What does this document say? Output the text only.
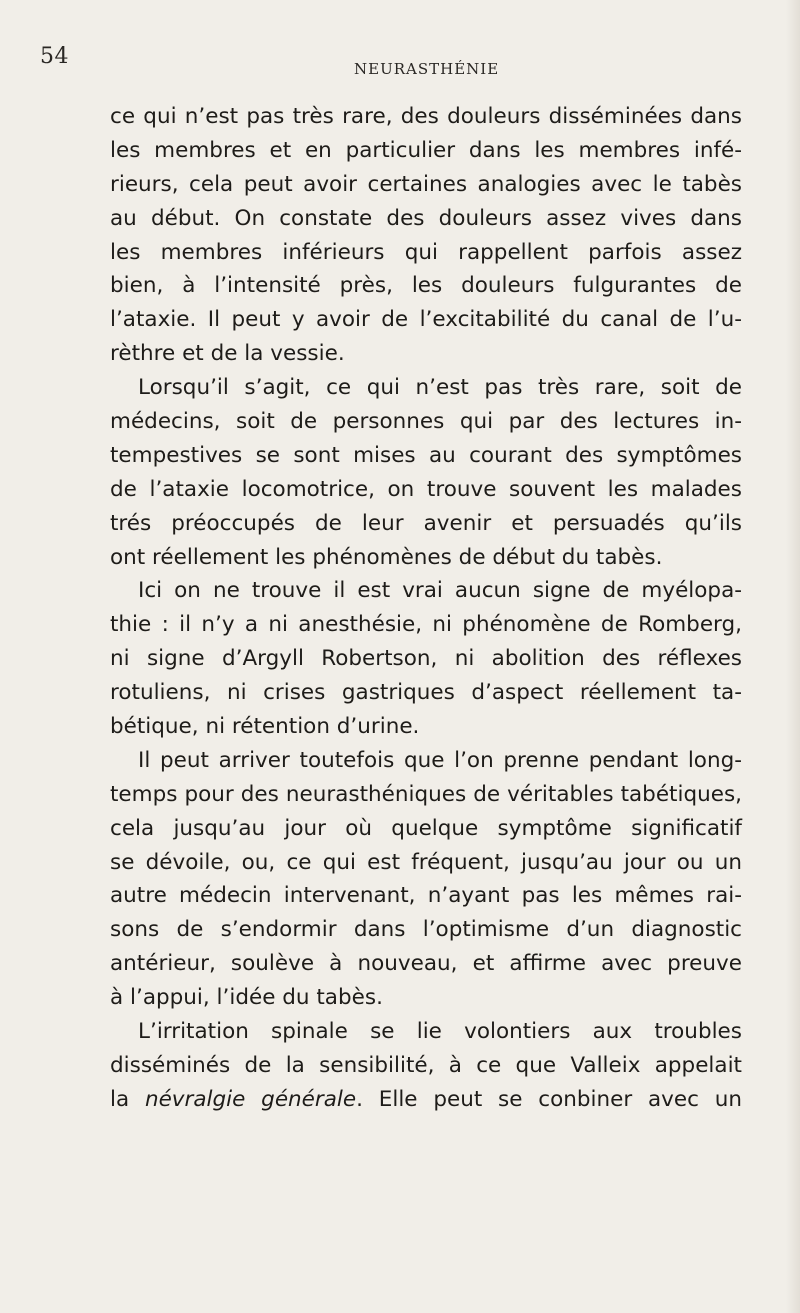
54	NEURASTHÉNIE
ce qui n’est pas très rare, des douleurs disséminées dans
les membres et en particulier dans les membres infé-
rieurs, cela peut avoir certaines analogies avec le tabès
au début. On constate des douleurs assez vives dans
les membres inférieurs qui rappellent parfois assez
bien, à l’intensité près, les douleurs fulgurantes de
l’ataxie. Il peut y avoir de l’excitabilité du canal de l’u-
rèthre et de la vessie.
Lorsqu’il s’agit, ce qui n’est pas très rare, soit de
médecins, soit de personnes qui par des lectures in-
tempestives se sont mises au courant des symptômes
de l’ataxie locomotrice, on trouve souvent les malades
trés préoccupés de leur avenir et persuadés qu’ils
ont réellement les phénomènes de début du tabès.
Ici on ne trouve il est vrai aucun signe de myélopa-
thie : il n’y a ni anesthésie, ni phénomène de Romberg,
ni signe d’Argyll Robertson, ni abolition des réflexes
rotuliens, ni crises gastriques d’aspect réellement ta-
bétique, ni rétention d’urine.
Il peut arriver toutefois que l’on prenne pendant long-
temps pour des neurasthéniques de véritables tabétiques,
cela jusqu’au jour où quelque symptôme significatif
se dévoile, ou, ce qui est fréquent, jusqu’au jour ou un
autre médecin intervenant, n’ayant pas les mêmes rai-
sons de s’endormir dans l’optimisme d’un diagnostic
antérieur, soulève à nouveau, et affirme avec preuve
à l’appui, l’idée du tabès.
L’irritation spinale se lie volontiers aux troubles
disséminés de la sensibilité, à ce que Valleix appelait
la névralgie générale. Elle peut se conbiner avec un
